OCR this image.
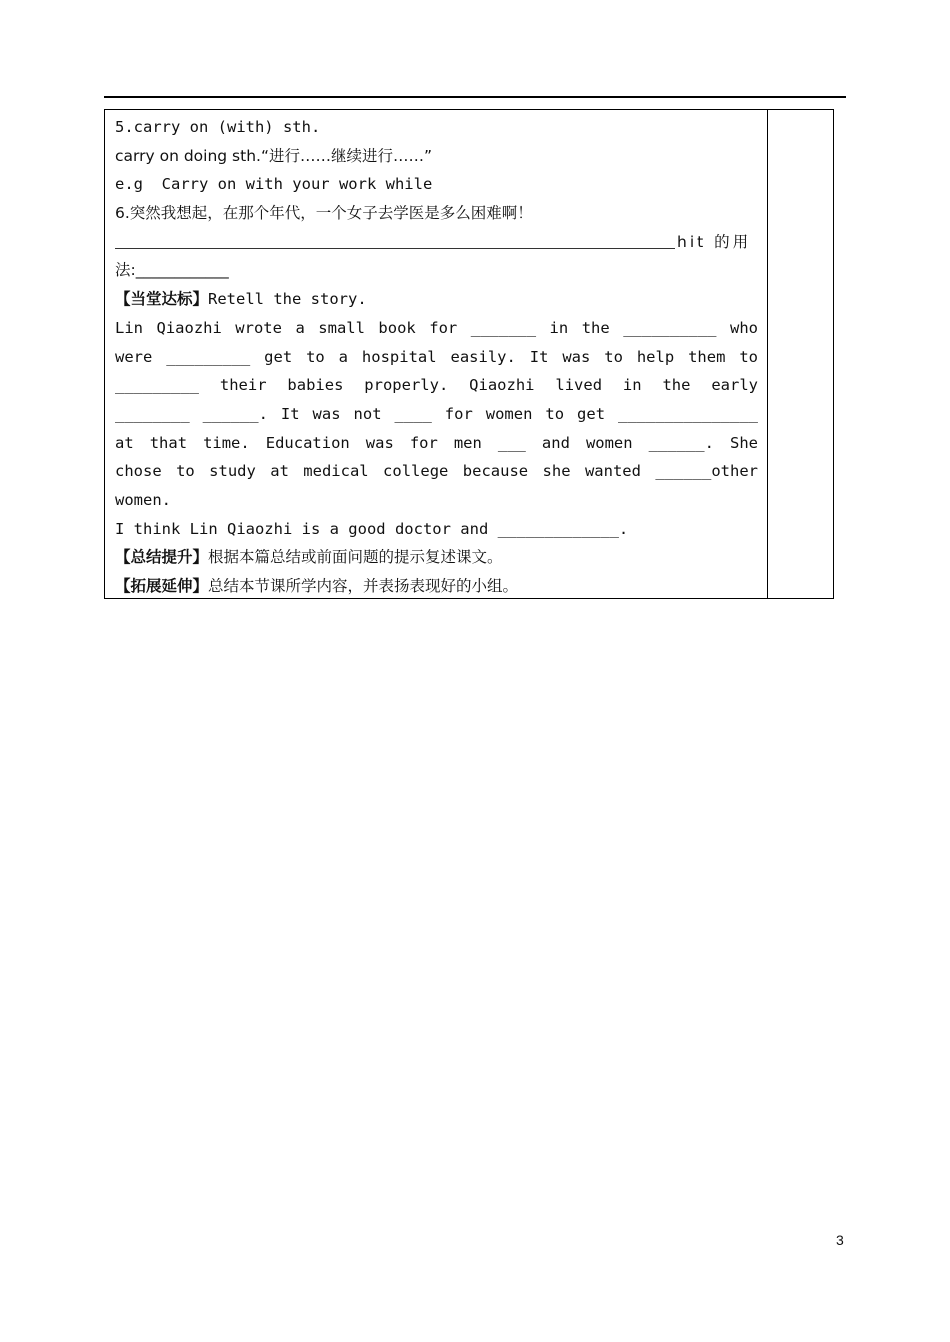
5.carry on (with) sth.
carry on doing sth.“进行……继续进行……”
e.g  Carry on with your work while
6.突然我想起，在那个年代，一个女子去学医是多么困难啊！
hit 的用
法:____________
【当堂达标】Retell the story.
Lin Qiaozhi wrote a small book for _______ in the __________ who
were _________ get to a hospital easily. It was to help them to
_________ their babies properly. Qiaozhi lived in the early
________ ______. It was not ____ for women to get _______________
at that time. Education was for men ___ and women ______. She
chose to study at medical college because she wanted ______other
women.
I think Lin Qiaozhi is a good doctor and _____________.
【总结提升】根据本篇总结或前面问题的提示复述课文。
【拓展延伸】总结本节课所学内容，并表扬表现好的小组。
3
